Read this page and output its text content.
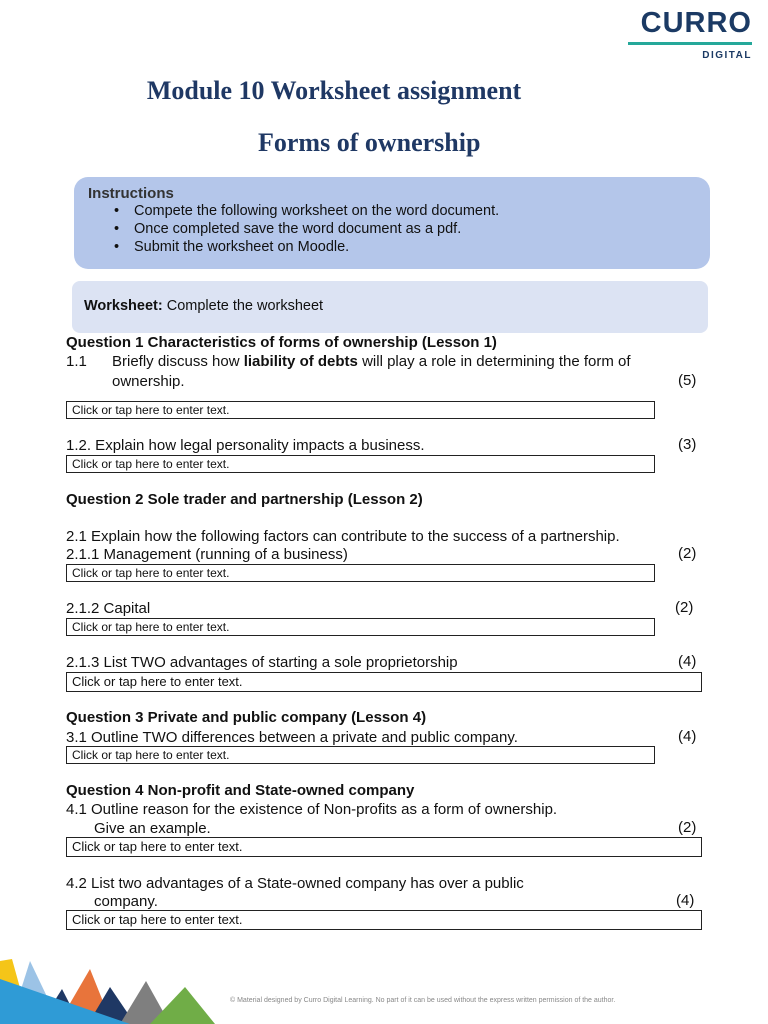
CURRO
DIGITAL
Module 10 Worksheet assignment
Forms of ownership
Instructions
• Compete the following worksheet on the word document.
• Once completed save the word document as a pdf.
• Submit the worksheet on Moodle.
Worksheet: Complete the worksheet
Question 1 Characteristics of forms of ownership (Lesson 1)
1.1 Briefly discuss how liability of debts will play a role in determining the form of
ownership.	(5)
Click or tap here to enter text.
1.2. Explain how legal personality impacts a business.	(3)
Click or tap here to enter text.
Question 2 Sole trader and partnership (Lesson 2)
2.1 Explain how the following factors can contribute to the success of a partnership.
2.1.1 Management (running of a business)	(2)
Click or tap here to enter text.
2.1.2 Capital	(2)
Click or tap here to enter text.
2.1.3 List TWO advantages of starting a sole proprietorship	(4)
Click or tap here to enter text.
Question 3 Private and public company (Lesson 4)
3.1 Outline TWO differences between a private and public company.	(4)
Click or tap here to enter text.
Question 4 Non-profit and State-owned company
4.1 Outline reason for the existence of Non-profits as a form of ownership.
Give an example.	(2)
Click or tap here to enter text.
4.2 List two advantages of a State-owned company has over a public
company.	(4)
Click or tap here to enter text.
© Material designed by Curro Digital Learning. No part of it can be used without the express written permission of the author.
